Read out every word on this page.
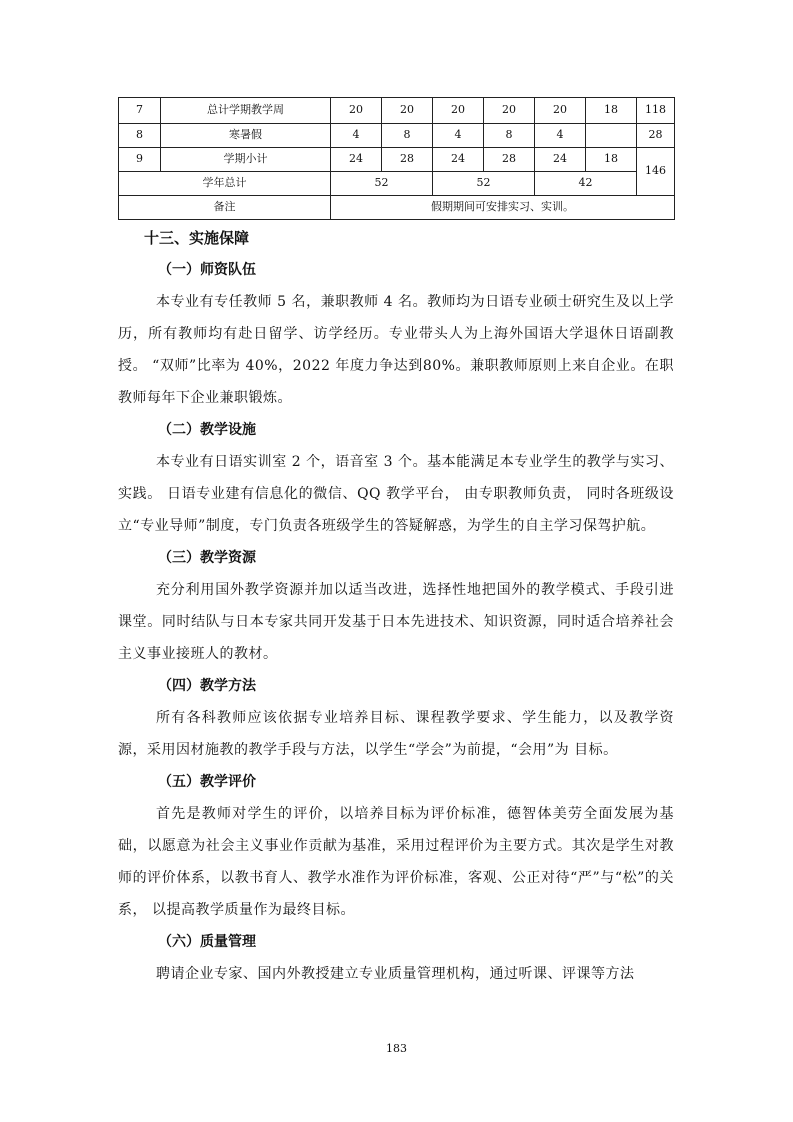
7	总计学期教学周	20	20	20	20	20	18	118
8	寒暑假	4	8	4	8	4		28
9	学期小计	24	28	24	28	24	18	146
学年总计		52		52		42		
备注		假期期间可安排实习、实训。						
十三、实施保障
（一）师资队伍

本专业有专任教师 5 名，兼职教师 4 名。教师均为日语专业硕士研究生及以上学历，所有教师均有赴日留学、访学经历。专业带头人为上海外国语大学退休日语副教授。 “双师”比率为 40%，2022 年度力争达到80%。兼职教师原则上来自企业。在职教师每年下企业兼职锻炼。

（二）教学设施

本专业有日语实训室 2 个，语音室 3 个。基本能满足本专业学生的教学与实习、实践。 日语专业建有信息化的微信、QQ 教学平台， 由专职教师负责， 同时各班级设立“专业导师”制度，专门负责各班级学生的答疑解惑，为学生的自主学习保驾护航。

（三）教学资源

充分利用国外教学资源并加以适当改进，选择性地把国外的教学模式、手段引进课堂。同时结队与日本专家共同开发基于日本先进技术、知识资源，同时适合培养社会主义事业接班人的教材。

（四）教学方法

所有各科教师应该依据专业培养目标、课程教学要求、学生能力，以及教学资源，采用因材施教的教学手段与方法，以学生“学会”为前提，“会用”为 目标。

（五）教学评价

首先是教师对学生的评价，以培养目标为评价标准，德智体美劳全面发展为基础，以愿意为社会主义事业作贡献为基准，采用过程评价为主要方式。其次是学生对教师的评价体系，以教书育人、教学水准作为评价标准，客观、公正对待“严”与“松”的关系， 以提高教学质量作为最终目标。

（六）质量管理

聘请企业专家、国内外教授建立专业质量管理机构，通过听课、评课等方法

183
